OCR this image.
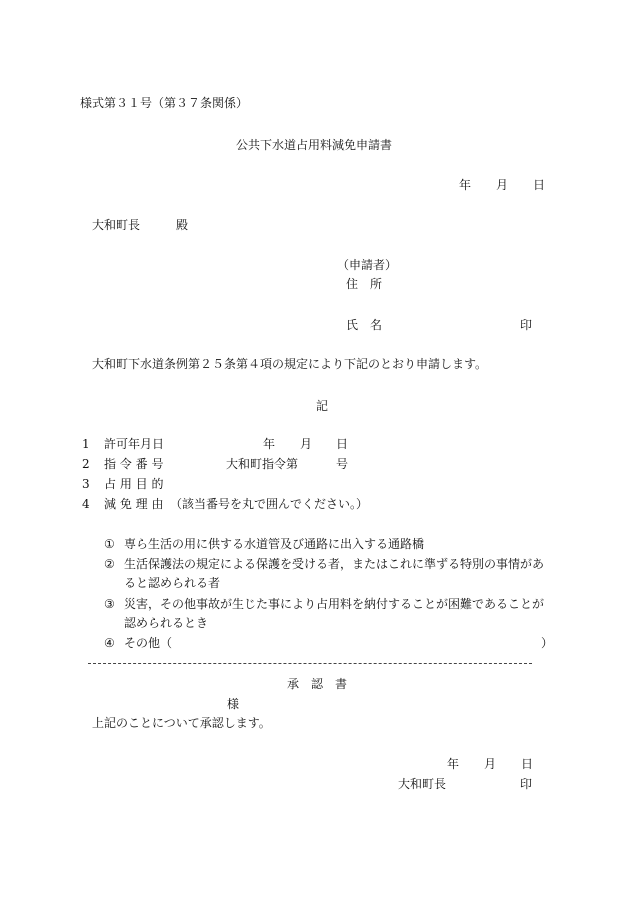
様式第３１号（第３７条関係）
公共下水道占用料減免申請書
年 月 日
大和町長	殿
（申請者）
住　所
氏　名	印
大和町下水道条例第２５条第４項の規定により下記のとおり申請します。
記
1 許可年月日	年 月 日
2 指 令 番 号	大和町指令第	号
3 占 用 目 的
4 減 免 理 由 （該当番号を丸で囲んでください。）
① 専ら生活の用に供する水道管及び通路に出入する通路橋
② 生活保護法の規定による保護を受ける者，またはこれに準ずる特別の事情があ
ると認められる者
③ 災害，その他事故が生じた事により占用料を納付することが困難であることが
認められるとき
④ その他（	）
承　認　書
様
上記のことについて承認します。
年 月 日
大和町長	印
